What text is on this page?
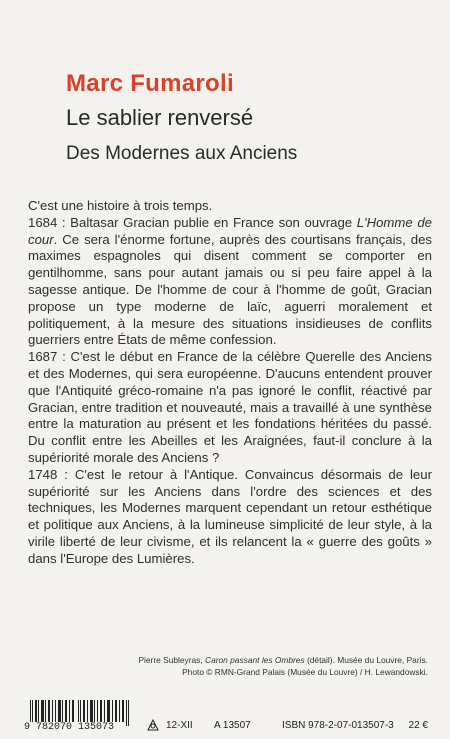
Marc Fumaroli
Le sablier renversé
Des Modernes aux Anciens

C'est une histoire à trois temps.

1684 : Baltasar Gracian publie en France son ouvrage L'Homme de cour. Ce sera l'énorme fortune, auprès des courtisans français, des maximes espagnoles qui disent comment se comporter en gentilhomme, sans pour autant jamais ou si peu faire appel à la sagesse antique. De l'homme de cour à l'homme de goût, Gracian propose un type moderne de laïc, aguerri moralement et politiquement, à la mesure des situations insidieuses de conflits guerriers entre États de même confession.

1687 : C'est le début en France de la célèbre Querelle des Anciens et des Modernes, qui sera européenne. D'aucuns entendent prouver que l'Antiquité gréco-romaine n'a pas ignoré le conflit, réactivé par Gracian, entre tradition et nouveauté, mais a travaillé à une synthèse entre la maturation au présent et les fondations héritées du passé. Du conflit entre les Abeilles et les Araignées, faut-il conclure à la supériorité morale des Anciens ?

1748 : C'est le retour à l'Antique. Convaincus désormais de leur supériorité sur les Anciens dans l'ordre des sciences et des techniques, les Modernes marquent cependant un retour esthétique et politique aux Anciens, à la lumineuse simplicité de leur style, à la virile liberté de leur civisme, et ils relancent la « guerre des goûts » dans l'Europe des Lumières.

Pierre Subleyras, Caron passant les Ombres (détail). Musée du Louvre, Paris.
Photo © RMN-Grand Palais (Musée du Louvre) / H. Lewandowski.
9 782070 135073	12-XII A 13507	ISBN 978-2-07-013507-3 22 €
